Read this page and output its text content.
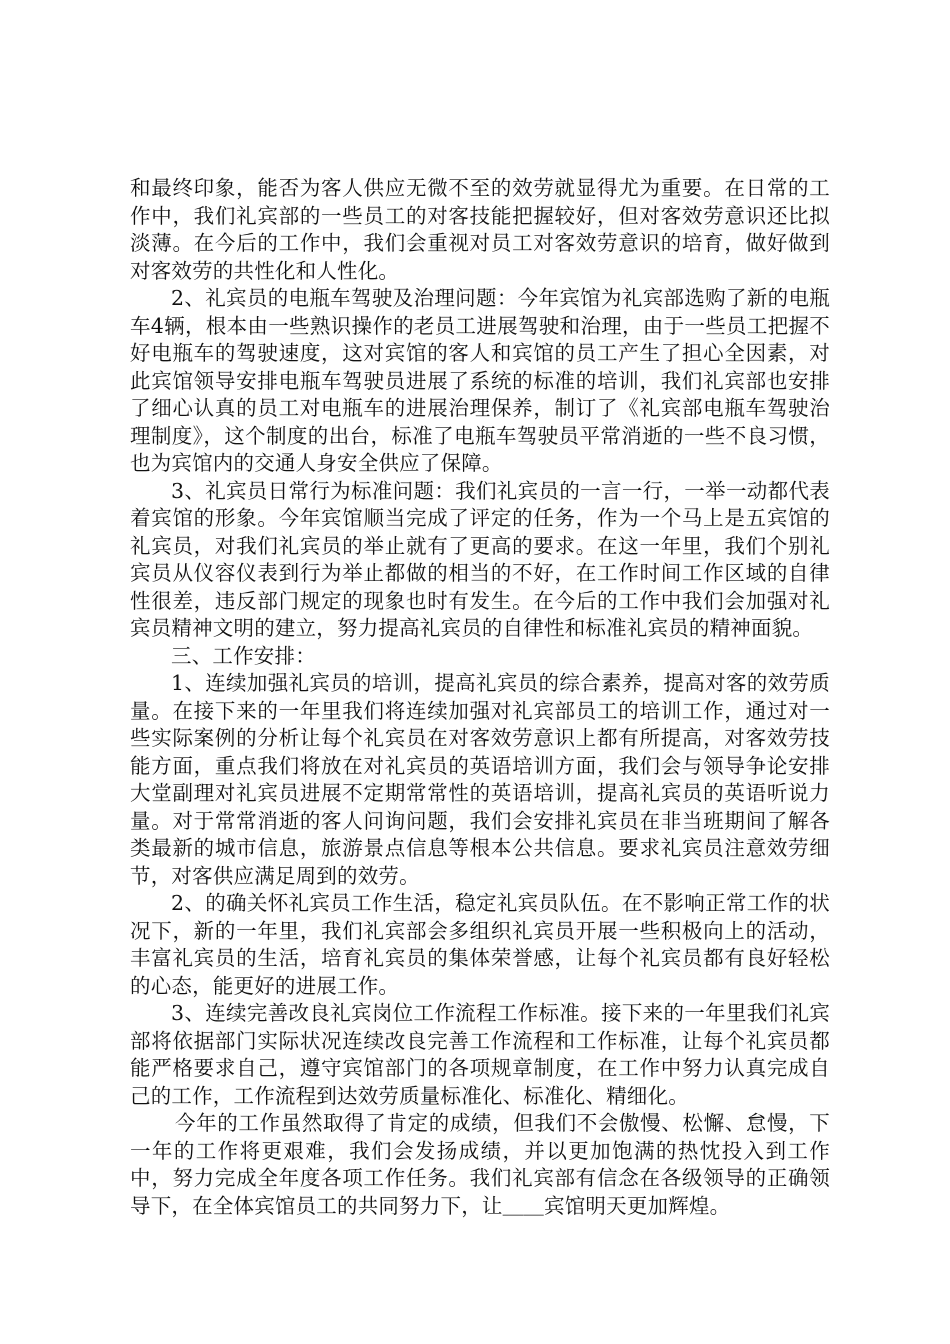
和最终印象，能否为客人供应无微不至的效劳就显得尤为重要。在日常的工作中，我们礼宾部的一些员工的对客技能把握较好，但对客效劳意识还比拟淡薄。在今后的工作中，我们会重视对员工对客效劳意识的培育，做好做到对客效劳的共性化和人性化。

2、礼宾员的电瓶车驾驶及治理问题：今年宾馆为礼宾部选购了新的电瓶车4辆，根本由一些熟识操作的老员工进展驾驶和治理，由于一些员工把握不好电瓶车的驾驶速度，这对宾馆的客人和宾馆的员工产生了担心全因素，对此宾馆领导安排电瓶车驾驶员进展了系统的标准的培训，我们礼宾部也安排了细心认真的员工对电瓶车的进展治理保养，制订了《礼宾部电瓶车驾驶治理制度》，这个制度的出台，标准了电瓶车驾驶员平常消逝的一些不良习惯，也为宾馆内的交通人身安全供应了保障。

3、礼宾员日常行为标准问题：我们礼宾员的一言一行，一举一动都代表着宾馆的形象。今年宾馆顺当完成了评定的任务，作为一个马上是五宾馆的礼宾员，对我们礼宾员的举止就有了更高的要求。在这一年里，我们个别礼宾员从仪容仪表到行为举止都做的相当的不好，在工作时间工作区域的自律性很差，违反部门规定的现象也时有发生。在今后的工作中我们会加强对礼宾员精神文明的建立，努力提高礼宾员的自律性和标准礼宾员的精神面貌。

三、工作安排：

1、连续加强礼宾员的培训，提高礼宾员的综合素养，提高对客的效劳质量。在接下来的一年里我们将连续加强对礼宾部员工的培训工作，通过对一些实际案例的分析让每个礼宾员在对客效劳意识上都有所提高，对客效劳技能方面，重点我们将放在对礼宾员的英语培训方面，我们会与领导争论安排大堂副理对礼宾员进展不定期常常性的英语培训，提高礼宾员的英语听说力量。对于常常消逝的客人问询问题，我们会安排礼宾员在非当班期间了解各类最新的城市信息，旅游景点信息等根本公共信息。要求礼宾员注意效劳细节，对客供应满足周到的效劳。

2、的确关怀礼宾员工作生活，稳定礼宾员队伍。在不影响正常工作的状况下，新的一年里，我们礼宾部会多组织礼宾员开展一些积极向上的活动，丰富礼宾员的生活，培育礼宾员的集体荣誉感，让每个礼宾员都有良好轻松的心态，能更好的进展工作。

3、连续完善改良礼宾岗位工作流程工作标准。接下来的一年里我们礼宾部将依据部门实际状况连续改良完善工作流程和工作标准，让每个礼宾员都能严格要求自己，遵守宾馆部门的各项规章制度，在工作中努力认真完成自己的工作，工作流程到达效劳质量标准化、标准化、精细化。

今年的工作虽然取得了肯定的成绩，但我们不会傲慢、松懈、怠慢，下一年的工作将更艰难，我们会发扬成绩，并以更加饱满的热忱投入到工作中，努力完成全年度各项工作任务。我们礼宾部有信念在各级领导的正确领导下，在全体宾馆员工的共同努力下，让＿＿宾馆明天更加辉煌。
